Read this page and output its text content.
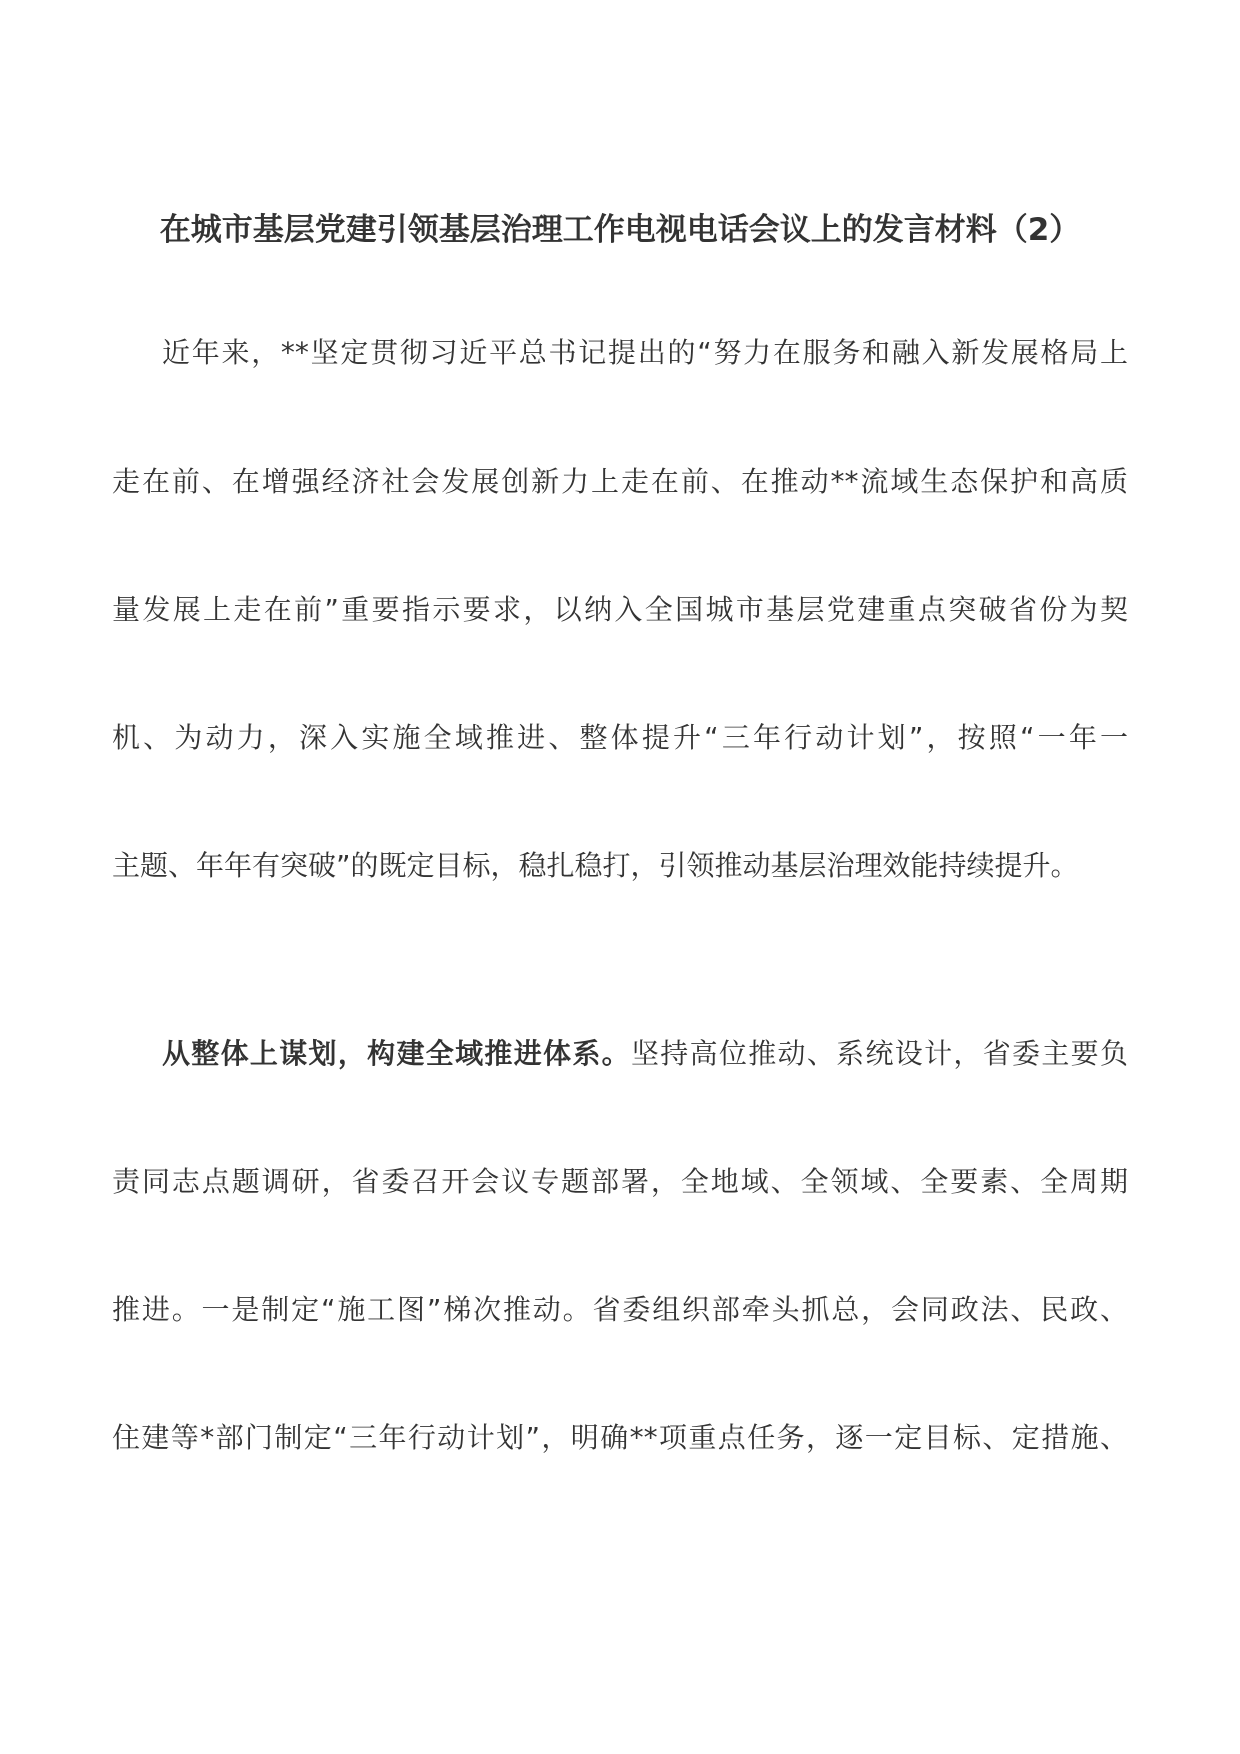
在城市基层党建引领基层治理工作电视电话会议上的发言材料（2）

近年来，**坚定贯彻习近平总书记提出的“努力在服务和融入新发展格局上

走在前、在增强经济社会发展创新力上走在前、在推动**流域生态保护和高质

量发展上走在前”重要指示要求，以纳入全国城市基层党建重点突破省份为契

机、为动力，深入实施全域推进、整体提升“三年行动计划”，按照“一年一

主题、年年有突破”的既定目标，稳扎稳打，引领推动基层治理效能持续提升。

从整体上谋划，构建全域推进体系。坚持高位推动、系统设计，省委主要负

责同志点题调研，省委召开会议专题部署，全地域、全领域、全要素、全周期

推进。一是制定“施工图”梯次推动。省委组织部牵头抓总，会同政法、民政、

住建等*部门制定“三年行动计划”，明确**项重点任务，逐一定目标、定措施、
